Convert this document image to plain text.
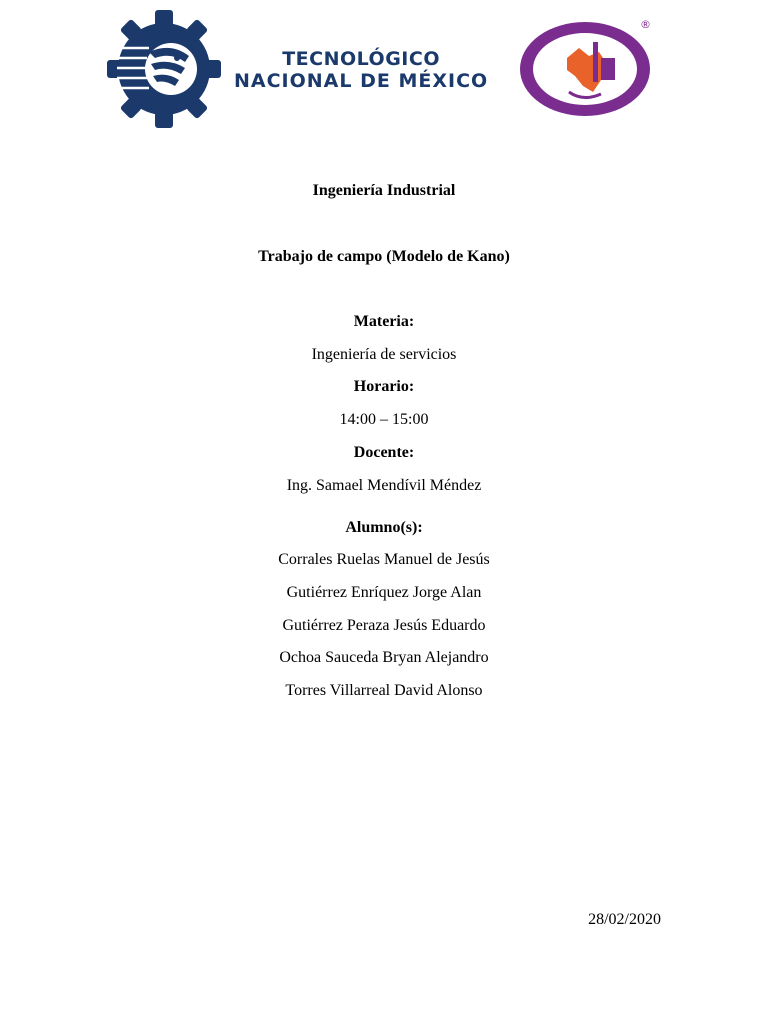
TECNOLÓGICO
NACIONAL DE MÉXICO
®
Ingeniería Industrial
Trabajo de campo (Modelo de Kano)
Materia:
Ingeniería de servicios
Horario:
14:00 – 15:00
Docente:
Ing. Samael Mendívil Méndez
Alumno(s):
Corrales Ruelas Manuel de Jesús
Gutiérrez Enríquez Jorge Alan
Gutiérrez Peraza Jesús Eduardo
Ochoa Sauceda Bryan Alejandro
Torres Villarreal David Alonso
28/02/2020
